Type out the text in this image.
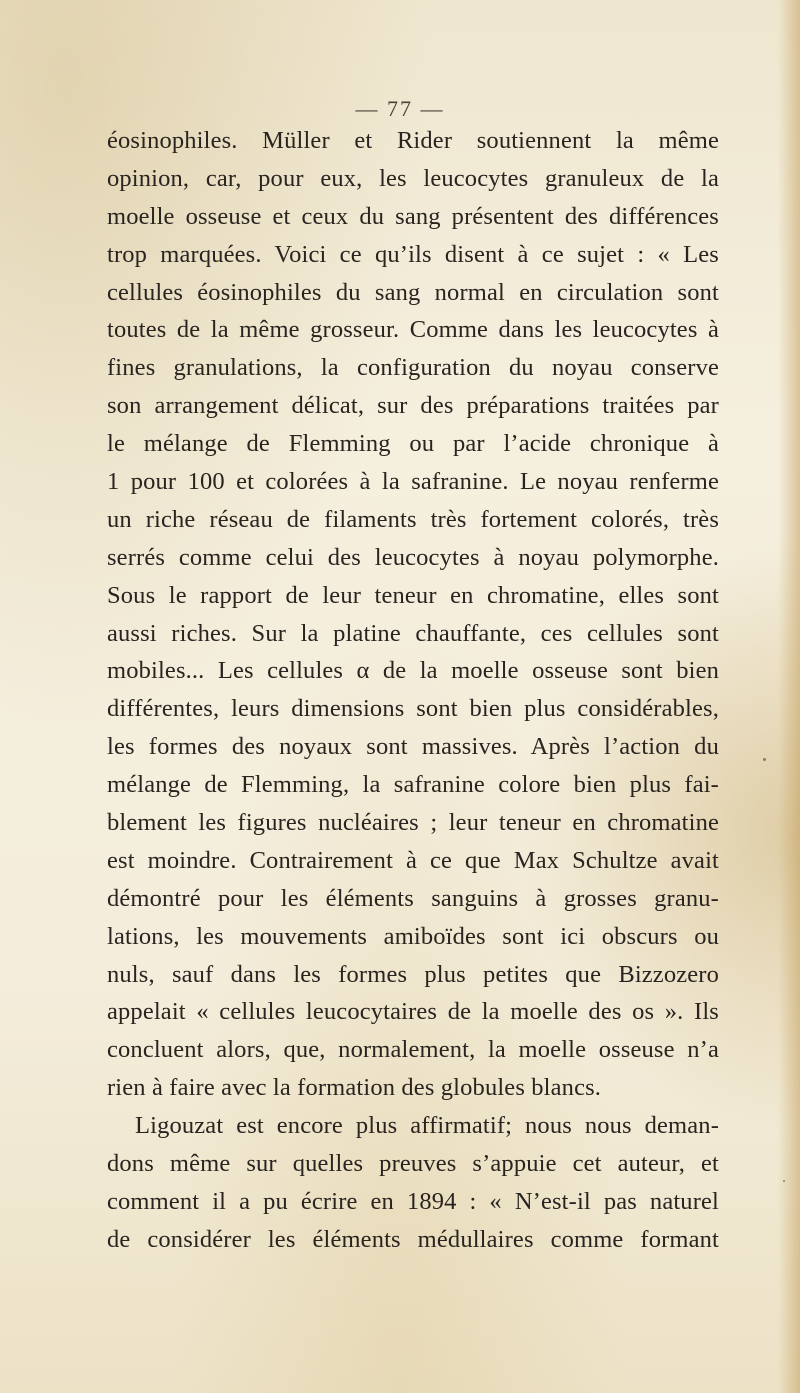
— 77 —
éosinophiles. Müller et Rider soutiennent la même
opinion, car, pour eux, les leucocytes granuleux de la
moelle osseuse et ceux du sang présentent des différences
trop marquées. Voici ce qu’ils disent à ce sujet : « Les
cellules éosinophiles du sang normal en circulation sont
toutes de la même grosseur. Comme dans les leucocytes à
fines granulations, la configuration du noyau conserve
son arrangement délicat, sur des préparations traitées par
le mélange de Flemming ou par l’acide chronique à
1 pour 100 et colorées à la safranine. Le noyau renferme
un riche réseau de filaments très fortement colorés, très
serrés comme celui des leucocytes à noyau polymorphe.
Sous le rapport de leur teneur en chromatine, elles sont
aussi riches. Sur la platine chauffante, ces cellules sont
mobiles... Les cellules α de la moelle osseuse sont bien
différentes, leurs dimensions sont bien plus considérables,
les formes des noyaux sont massives. Après l’action du
mélange de Flemming, la safranine colore bien plus fai-
blement les figures nucléaires ; leur teneur en chromatine
est moindre. Contrairement à ce que Max Schultze avait
démontré pour les éléments sanguins à grosses granu-
lations, les mouvements amiboïdes sont ici obscurs ou
nuls, sauf dans les formes plus petites que Bizzozero
appelait « cellules leucocytaires de la moelle des os ». Ils
concluent alors, que, normalement, la moelle osseuse n’a
rien à faire avec la formation des globules blancs.
Ligouzat est encore plus affirmatif; nous nous deman-
dons même sur quelles preuves s’appuie cet auteur, et
comment il a pu écrire en 1894 : « N’est-il pas naturel
de considérer les éléments médullaires comme formant
